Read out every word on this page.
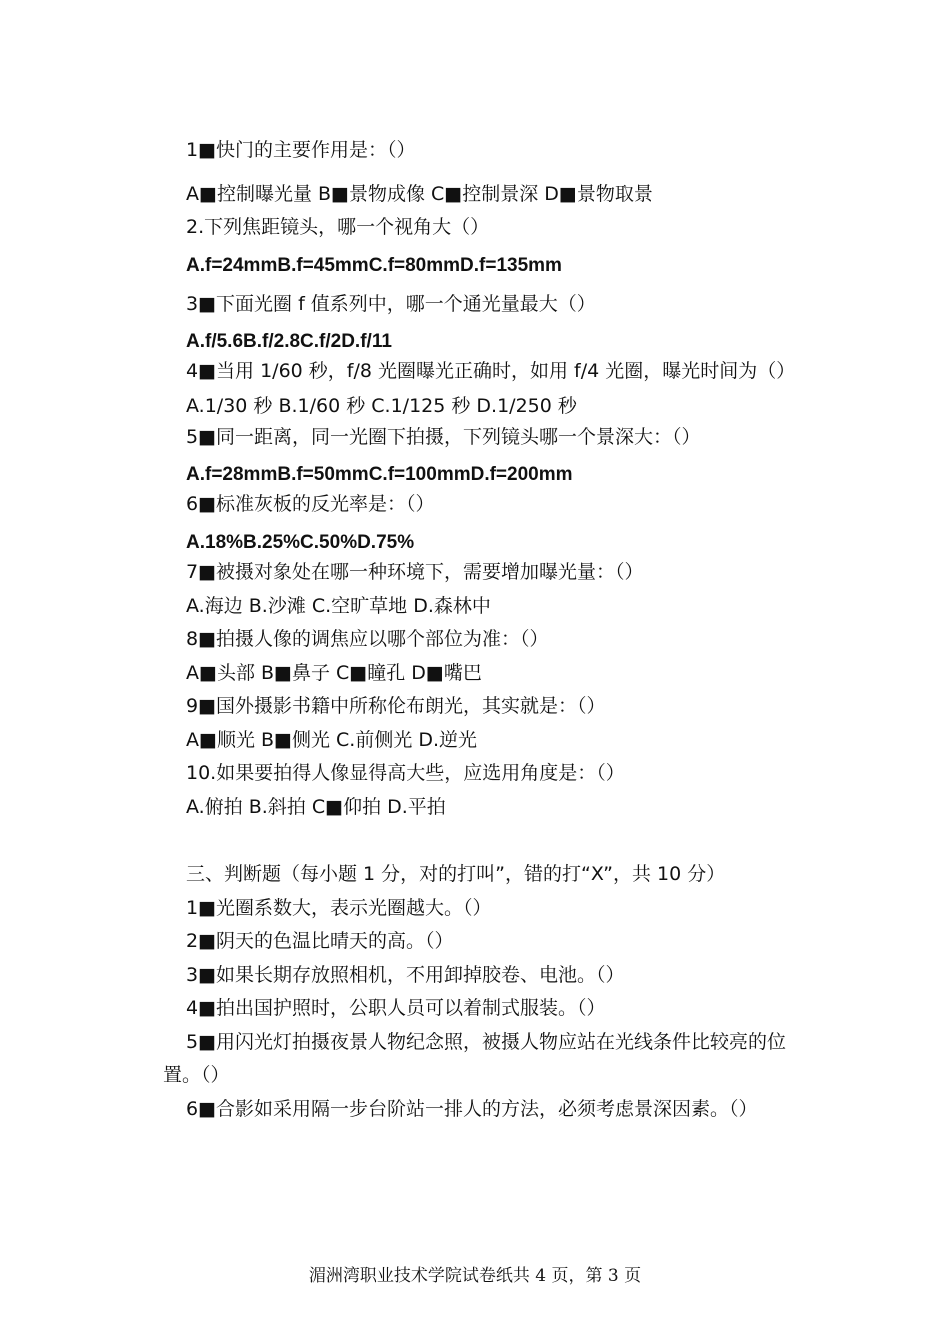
1■快门的主要作用是：（）
A■控制曝光量 B■景物成像 C■控制景深 D■景物取景
2.下列焦距镜头，哪一个视角大（）
A.f=24mmB.f=45mmC.f=80mmD.f=135mm
3■下面光圈 f 值系列中，哪一个通光量最大（）
A.f/5.6B.f/2.8C.f/2D.f/11
4■当用 1/60 秒，f/8 光圈曝光正确时，如用 f/4 光圈，曝光时间为（）
A.1/30 秒 B.1/60 秒 C.1/125 秒 D.1/250 秒
5■同一距离，同一光圈下拍摄，下列镜头哪一个景深大：（）
A.f=28mmB.f=50mmC.f=100mmD.f=200mm
6■标准灰板的反光率是：（）
A.18%B.25%C.50%D.75%
7■被摄对象处在哪一种环境下，需要增加曝光量：（）
A.海边 B.沙滩 C.空旷草地 D.森林中
8■拍摄人像的调焦应以哪个部位为准：（）
A■头部 B■鼻子 C■瞳孔 D■嘴巴
9■国外摄影书籍中所称伦布朗光，其实就是：（）
A■顺光 B■侧光 C.前侧光 D.逆光
10.如果要拍得人像显得高大些，应选用角度是：（）
A.俯拍 B.斜拍 C■仰拍 D.平拍
三、判断题（每小题 1 分，对的打叫”，错的打“X”，共 10 分）
1■光圈系数大，表示光圈越大。（）
2■阴天的色温比晴天的高。（）
3■如果长期存放照相机，不用卸掉胶卷、电池。（）
4■拍出国护照时，公职人员可以着制式服装。（）
5■用闪光灯拍摄夜景人物纪念照，被摄人物应站在光线条件比较亮的位
置。（）
6■合影如采用隔一步台阶站一排人的方法，必须考虑景深因素。（）
湄洲湾职业技术学院试卷纸共 4 页，第 3 页
